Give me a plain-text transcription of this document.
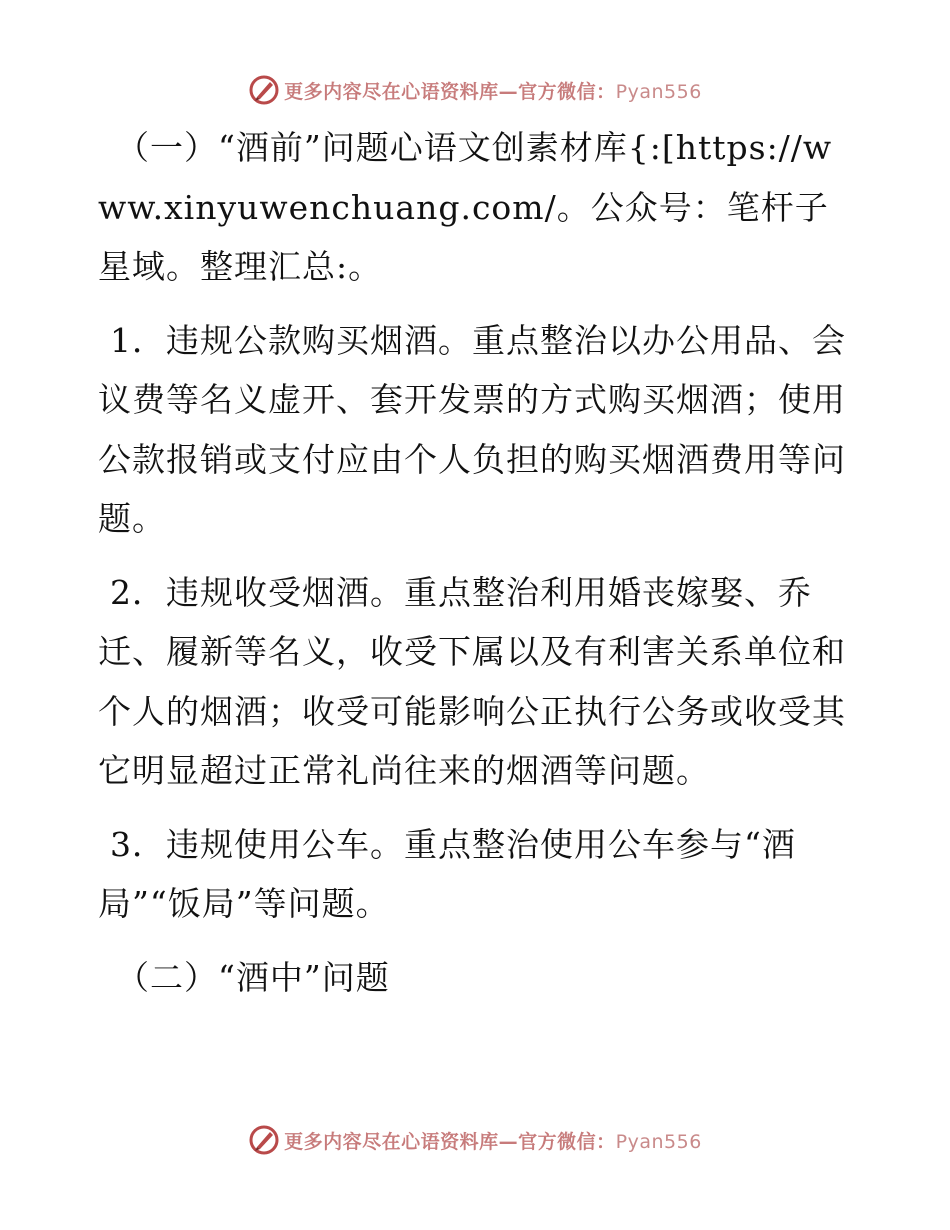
更多内容尽在心语资料库—官方微信：Pyan556

（一）“酒前”问题心语文创素材库{:[https://www.xinyuwenchuang.com/。公众号：笔杆子星域。整理汇总:。

1．违规公款购买烟酒。重点整治以办公用品、会议费等名义虚开、套开发票的方式购买烟酒；使用公款报销或支付应由个人负担的购买烟酒费用等问题。

2．违规收受烟酒。重点整治利用婚丧嫁娶、乔迁、履新等名义，收受下属以及有利害关系单位和个人的烟酒；收受可能影响公正执行公务或收受其它明显超过正常礼尚往来的烟酒等问题。

3．违规使用公车。重点整治使用公车参与“酒局”“饭局”等问题。

（二）“酒中”问题

更多内容尽在心语资料库—官方微信：Pyan556
